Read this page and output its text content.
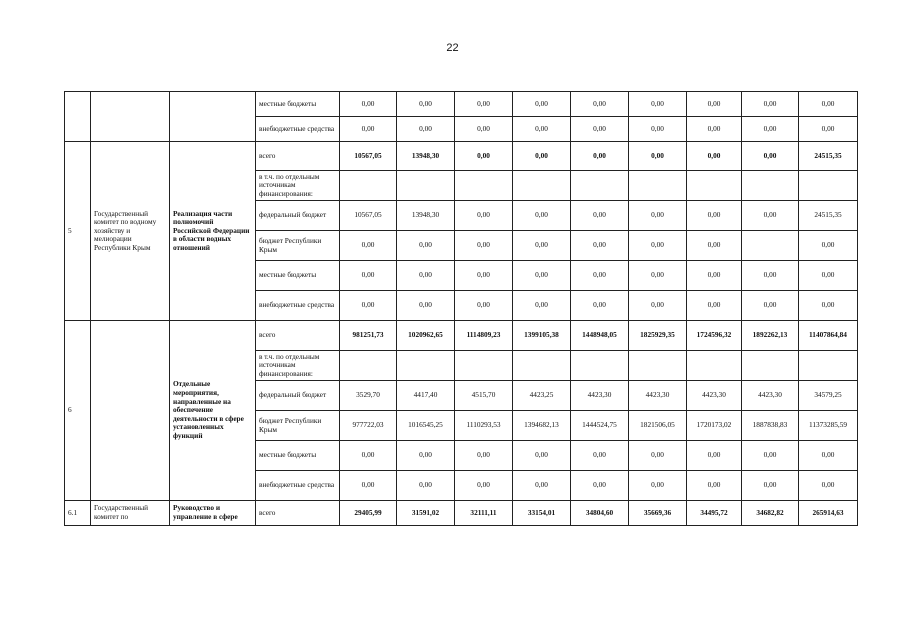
22
			местные бюджеты	0,00	0,00	0,00	0,00	0,00	0,00	0,00	0,00	0,00
			внебюджетные средства	0,00	0,00	0,00	0,00	0,00	0,00	0,00	0,00	0,00
5	Государственный комитет по водному хозяйству и мелиорации Республики Крым	Реализация части полномочий Российской Федерации в области водных отношений	всего	10567,05	13948,30	0,00	0,00	0,00	0,00	0,00	0,00	24515,35
			в т.ч. по отдельным источникам финансирования:									
			федеральный бюджет	10567,05	13948,30	0,00	0,00	0,00	0,00	0,00	0,00	24515,35
			бюджет Республики Крым	0,00	0,00	0,00	0,00	0,00	0,00	0,00		0,00
			местные бюджеты	0,00	0,00	0,00	0,00	0,00	0,00	0,00	0,00	0,00
			внебюджетные средства	0,00	0,00	0,00	0,00	0,00	0,00	0,00	0,00	0,00
6		Отдельные мероприятия, направленные на обеспечение деятельности в сфере установленных функций	всего	981251,73	1020962,65	1114809,23	1399105,38	1448948,05	1825929,35	1724596,32	1892262,13	11407864,84
			в т.ч. по отдельным источникам финансирования:									
			федеральный бюджет	3529,70	4417,40	4515,70	4423,25	4423,30	4423,30	4423,30	4423,30	34579,25
			бюджет Республики Крым	977722,03	1016545,25	1110293,53	1394682,13	1444524,75	1821506,05	1720173,02	1887838,83	11373285,59
			местные бюджеты	0,00	0,00	0,00	0,00	0,00	0,00	0,00	0,00	0,00
			внебюджетные средства	0,00	0,00	0,00	0,00	0,00	0,00	0,00	0,00	0,00
6.1	Государственный комитет по	Руководство и управление в сфере	всего	29405,99	31591,02	32111,11	33154,01	34804,60	35669,36	34495,72	34682,82	265914,63
